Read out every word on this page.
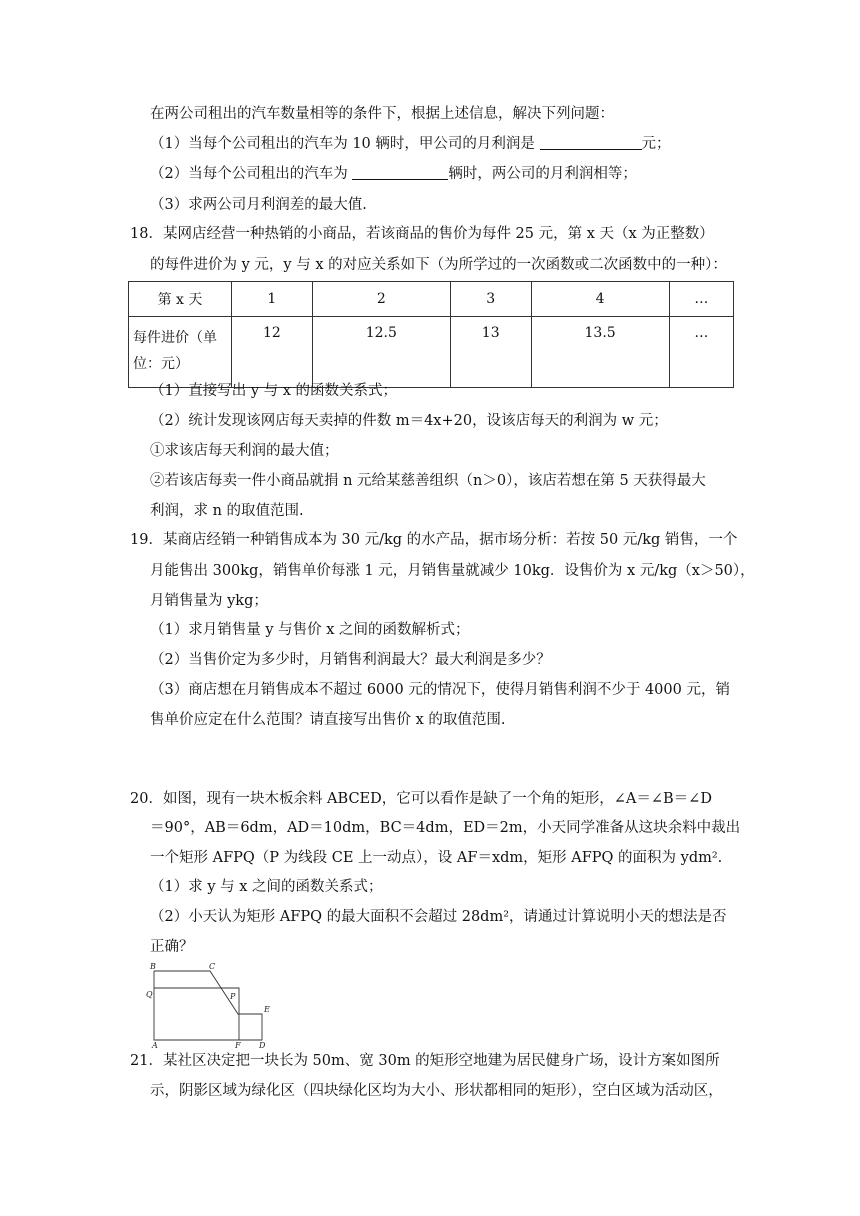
在两公司租出的汽车数量相等的条件下，根据上述信息，解决下列问题：
（1）当每个公司租出的汽车为 10 辆时，甲公司的月利润是	元；
（2）当每个公司租出的汽车为	辆时，两公司的月利润相等；
（3）求两公司月利润差的最大值.
18．某网店经营一种热销的小商品，若该商品的售价为每件 25 元，第 x 天（x 为正整数）
的每件进价为 y 元，y 与 x 的对应关系如下（为所学过的一次函数或二次函数中的一种）：
第 x 天	1	2	3	4	…
每件进价（单
位：元）	12	12.5	13	13.5	…
（1）直接写出 y 与 x 的函数关系式；
（2）统计发现该网店每天卖掉的件数 m＝4x+20，设该店每天的利润为 w 元；
①求该店每天利润的最大值；
②若该店每卖一件小商品就捐 n 元给某慈善组织（n＞0），该店若想在第 5 天获得最大
利润，求 n 的取值范围.
19．某商店经销一种销售成本为 30 元/kg 的水产品，据市场分析：若按 50 元/kg 销售，一个
月能售出 300kg，销售单价每涨 1 元，月销售量就减少 10kg．设售价为 x 元/kg（x＞50），
月销售量为 ykg；
（1）求月销售量 y 与售价 x 之间的函数解析式；
（2）当售价定为多少时，月销售利润最大？最大利润是多少？
（3）商店想在月销售成本不超过 6000 元的情况下，使得月销售利润不少于 4000 元，销
售单价应定在什么范围？请直接写出售价 x 的取值范围.
20．如图，现有一块木板余料 ABCED，它可以看作是缺了一个角的矩形，∠A＝∠B＝∠D
＝90°，AB＝6dm，AD＝10dm，BC＝4dm，ED＝2m，小天同学准备从这块余料中裁出
一个矩形 AFPQ（P 为线段 CE 上一动点），设 AF＝xdm，矩形 AFPQ 的面积为 ydm².
（1）求 y 与 x 之间的函数关系式；
（2）小天认为矩形 AFPQ 的最大面积不会超过 28dm²，请通过计算说明小天的想法是否
正确？
B	C
Q	P
E
A	F D
21．某社区决定把一块长为 50m、宽 30m 的矩形空地建为居民健身广场，设计方案如图所
示，阴影区域为绿化区（四块绿化区均为大小、形状都相同的矩形），空白区域为活动区，
